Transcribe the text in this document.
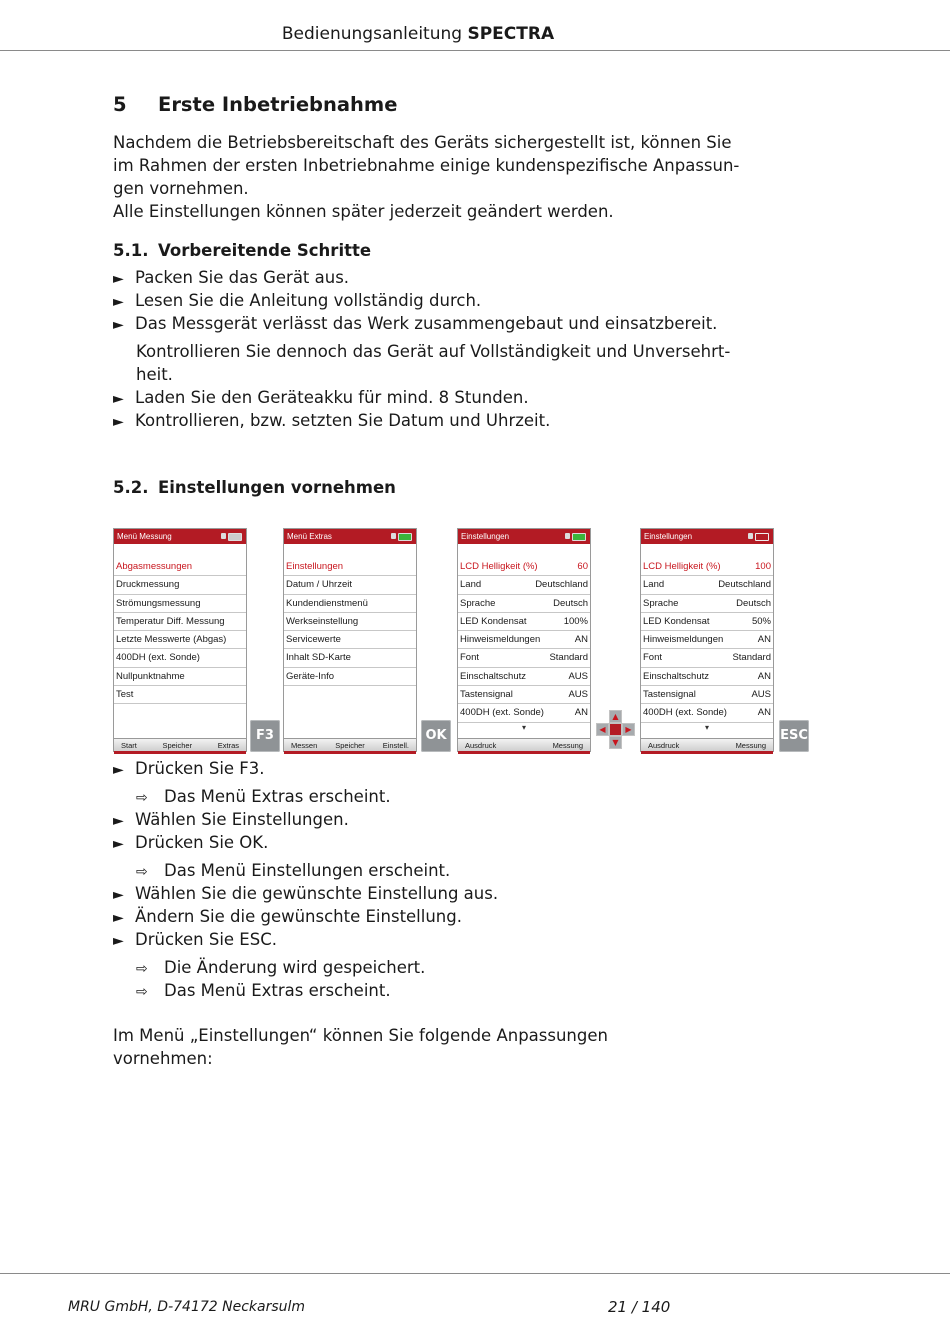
Bedienungsanleitung SPECTRA
5 Erste Inbetriebnahme
Nachdem die Betriebsbereitschaft des Geräts sichergestellt ist, können Sie
im Rahmen der ersten Inbetriebnahme einige kundenspezifische Anpassun-
gen vornehmen.
Alle Einstellungen können später jederzeit geändert werden.
5.1. Vorbereitende Schritte
► Packen Sie das Gerät aus.
► Lesen Sie die Anleitung vollständig durch.
► Das Messgerät verlässt das Werk zusammengebaut und einsatzbereit.
Kontrollieren Sie dennoch das Gerät auf Vollständigkeit und Unversehrt-
heit.
► Laden Sie den Geräteakku für mind. 8 Stunden.
► Kontrollieren, bzw. setzten Sie Datum und Uhrzeit.
5.2. Einstellungen vornehmen
Menü Messung
Abgasmessungen
Druckmessung
Strömungsmessung
Temperatur Diff. Messung
Letzte Messwerte (Abgas)
400DH (ext. Sonde)
Nullpunktnahme
Test
Start	Speicher	Extras
F3
Menü Extras
Einstellungen
Datum / Uhrzeit
Kundendienstmenü
Werkseinstellung
Servicewerte
Inhalt SD-Karte
Geräte-Info
Messen	Speicher	Einstell.
OK
Einstellungen
LCD Helligkeit (%)	60
Land	Deutschland
Sprache	Deutsch
LED Kondensat	100%
Hinweismeldungen	AN
Font	Standard
Einschaltschutz	AUS
Tastensignal	AUS
400DH (ext. Sonde)	AN
▾
Ausdruck	Messung
▲
◀	▶
▼
Einstellungen
LCD Helligkeit (%)	100
Land	Deutschland
Sprache	Deutsch
LED Kondensat	50%
Hinweismeldungen	AN
Font	Standard
Einschaltschutz	AN
Tastensignal	AUS
400DH (ext. Sonde)	AN
▾
Ausdruck	Messung
ESC
► Drücken Sie F3.
⇨ Das Menü Extras erscheint.
► Wählen Sie Einstellungen.
► Drücken Sie OK.
⇨ Das Menü Einstellungen erscheint.
► Wählen Sie die gewünschte Einstellung aus.
► Ändern Sie die gewünschte Einstellung.
► Drücken Sie ESC.
⇨ Die Änderung wird gespeichert.
⇨ Das Menü Extras erscheint.
Im Menü „Einstellungen“ können Sie folgende Anpassungen
vornehmen:
MRU GmbH, D-74172 Neckarsulm	21 / 140
